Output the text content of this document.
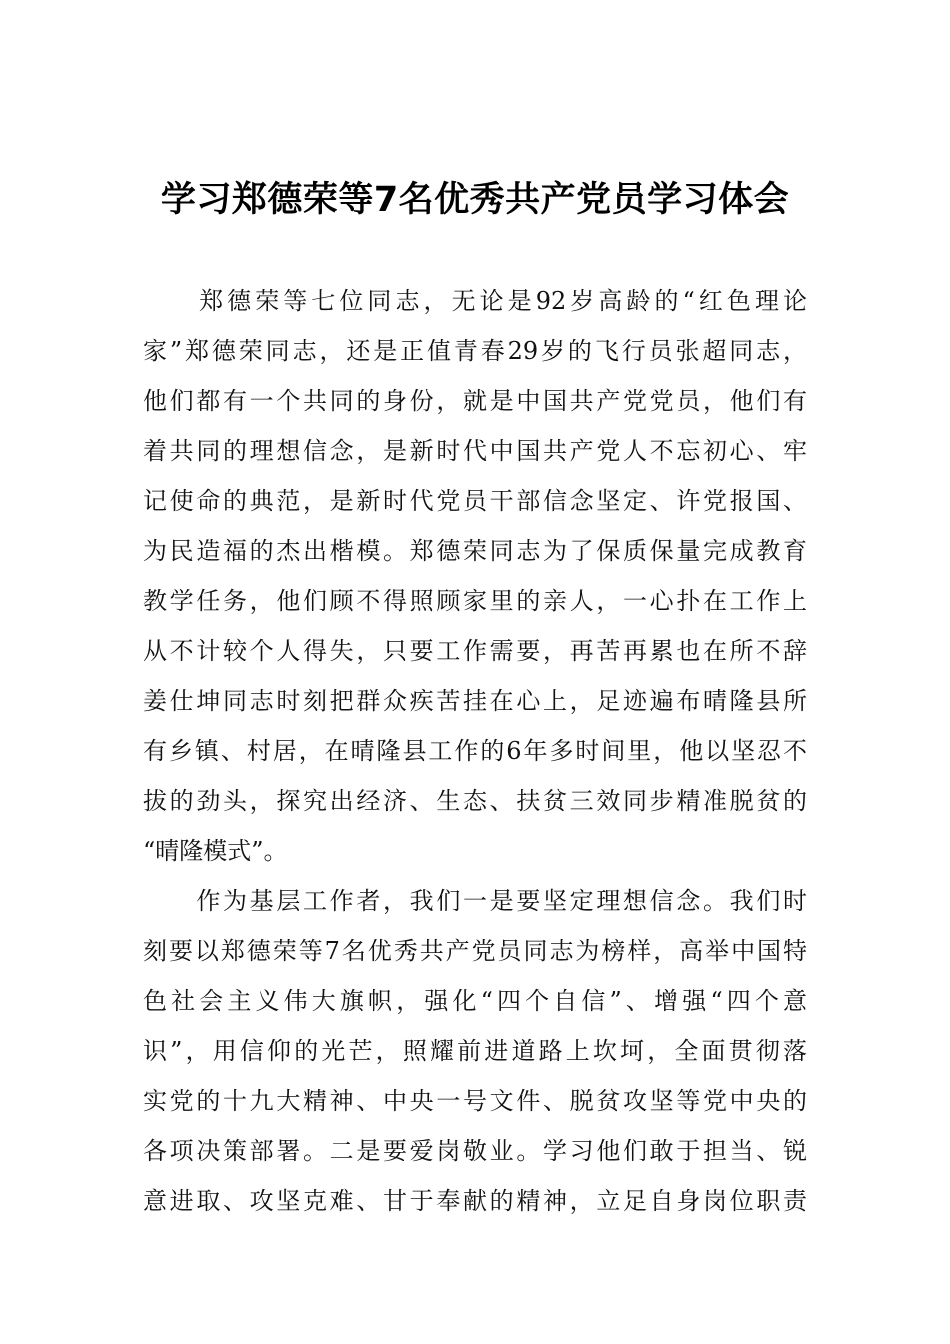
学习郑德荣等7名优秀共产党员学习体会
　　郑德荣等七位同志，无论是92岁高龄的“红色理论
家”郑德荣同志，还是正值青春29岁的飞行员张超同志，
他们都有一个共同的身份，就是中国共产党党员，他们有
着共同的理想信念，是新时代中国共产党人不忘初心、牢
记使命的典范，是新时代党员干部信念坚定、许党报国、
为民造福的杰出楷模。郑德荣同志为了保质保量完成教育
教学任务，他们顾不得照顾家里的亲人，一心扑在工作上
从不计较个人得失，只要工作需要，再苦再累也在所不辞
姜仕坤同志时刻把群众疾苦挂在心上，足迹遍布晴隆县所
有乡镇、村居，在晴隆县工作的6年多时间里，他以坚忍不
拔的劲头，探究出经济、生态、扶贫三效同步精准脱贫的
“晴隆模式”。
　　作为基层工作者，我们一是要坚定理想信念。我们时
刻要以郑德荣等7名优秀共产党员同志为榜样，高举中国特
色社会主义伟大旗帜，强化“四个自信”、增强“四个意
识”，用信仰的光芒，照耀前进道路上坎坷，全面贯彻落
实党的十九大精神、中央一号文件、脱贫攻坚等党中央的
各项决策部署。二是要爱岗敬业。学习他们敢于担当、锐
意进取、攻坚克难、甘于奉献的精神，立足自身岗位职责
